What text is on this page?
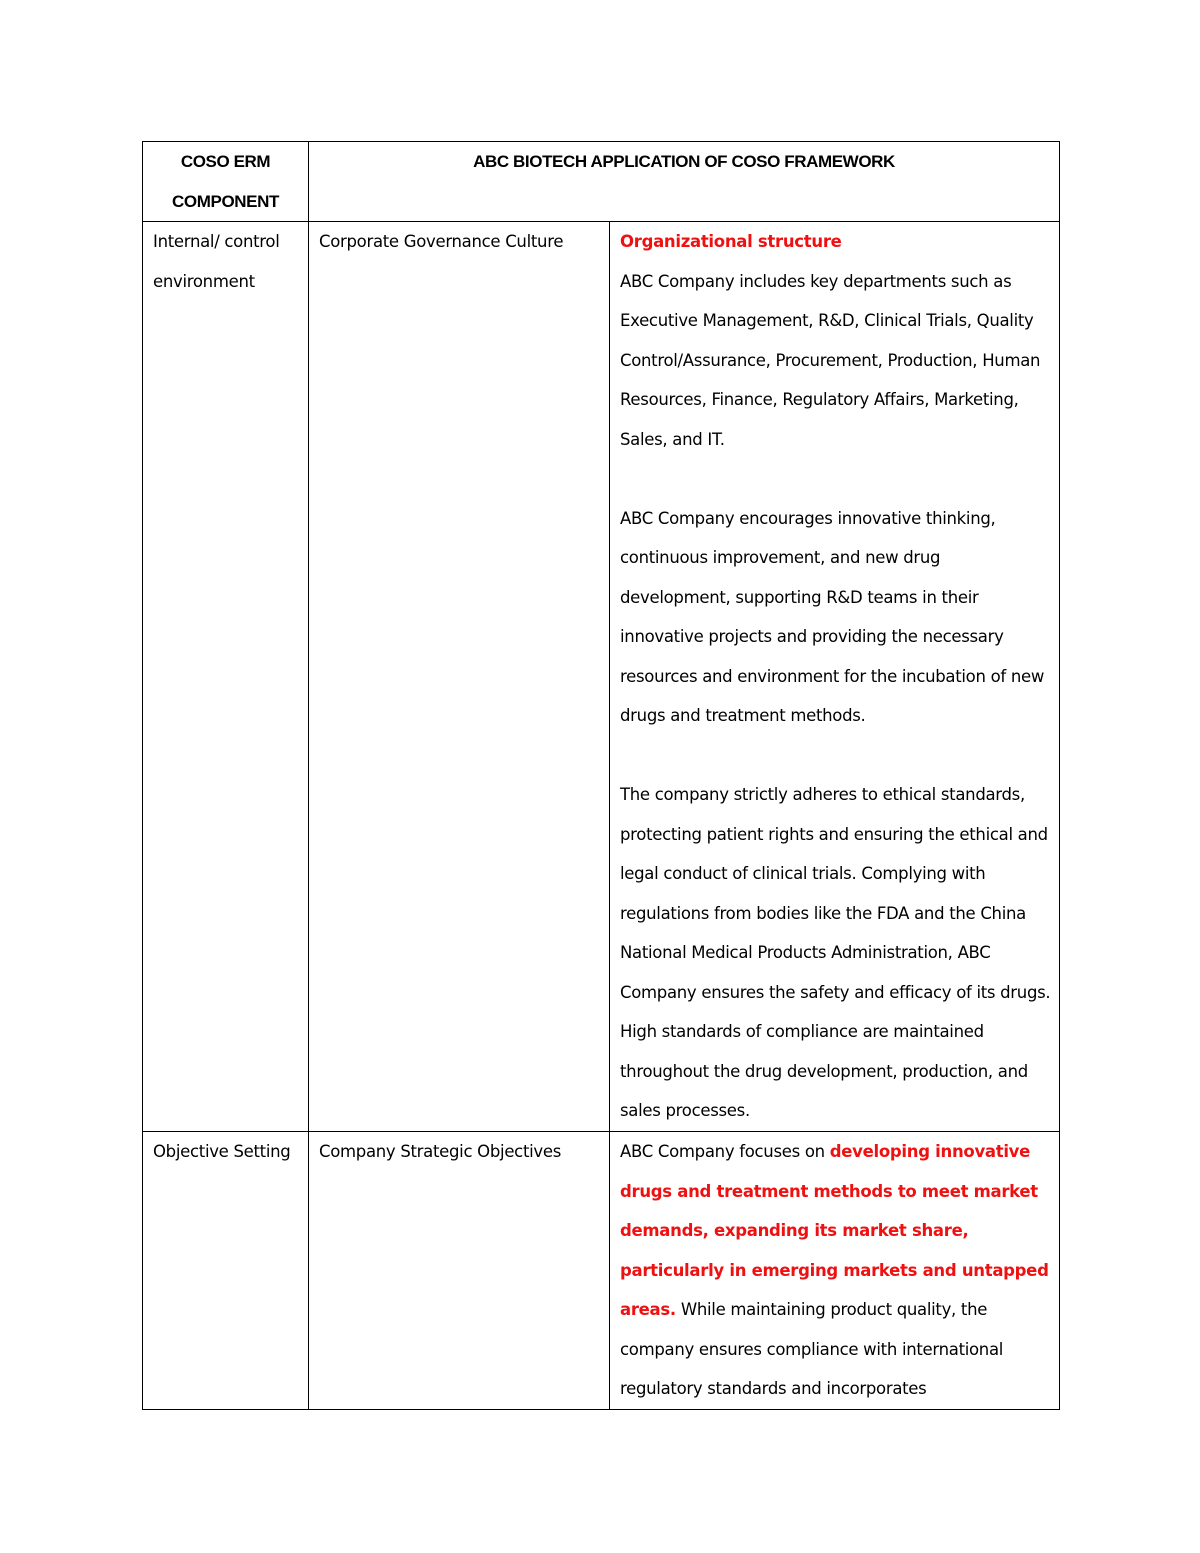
COSO ERM
COMPONENT	ABC BIOTECH APPLICATION OF COSO FRAMEWORK	

Internal/ control environment	Corporate Governance Culture	Organizational structure

ABC Company includes key departments such as Executive Management, R&D, Clinical Trials, Quality Control/Assurance, Procurement, Production, Human Resources, Finance, Regulatory Affairs, Marketing, Sales, and IT.

ABC Company encourages innovative thinking, continuous improvement, and new drug development, supporting R&D teams in their innovative projects and providing the necessary resources and environment for the incubation of new drugs and treatment methods.

The company strictly adheres to ethical standards, protecting patient rights and ensuring the ethical and legal conduct of clinical trials. Complying with regulations from bodies like the FDA and the China National Medical Products Administration, ABC Company ensures the safety and efficacy of its drugs. High standards of compliance are maintained throughout the drug development, production, and sales processes.

Objective Setting	Company Strategic Objectives	ABC Company focuses on developing innovative drugs and treatment methods to meet market demands, expanding its market share, particularly in emerging markets and untapped areas. While maintaining product quality, the company ensures compliance with international regulatory standards and incorporates
